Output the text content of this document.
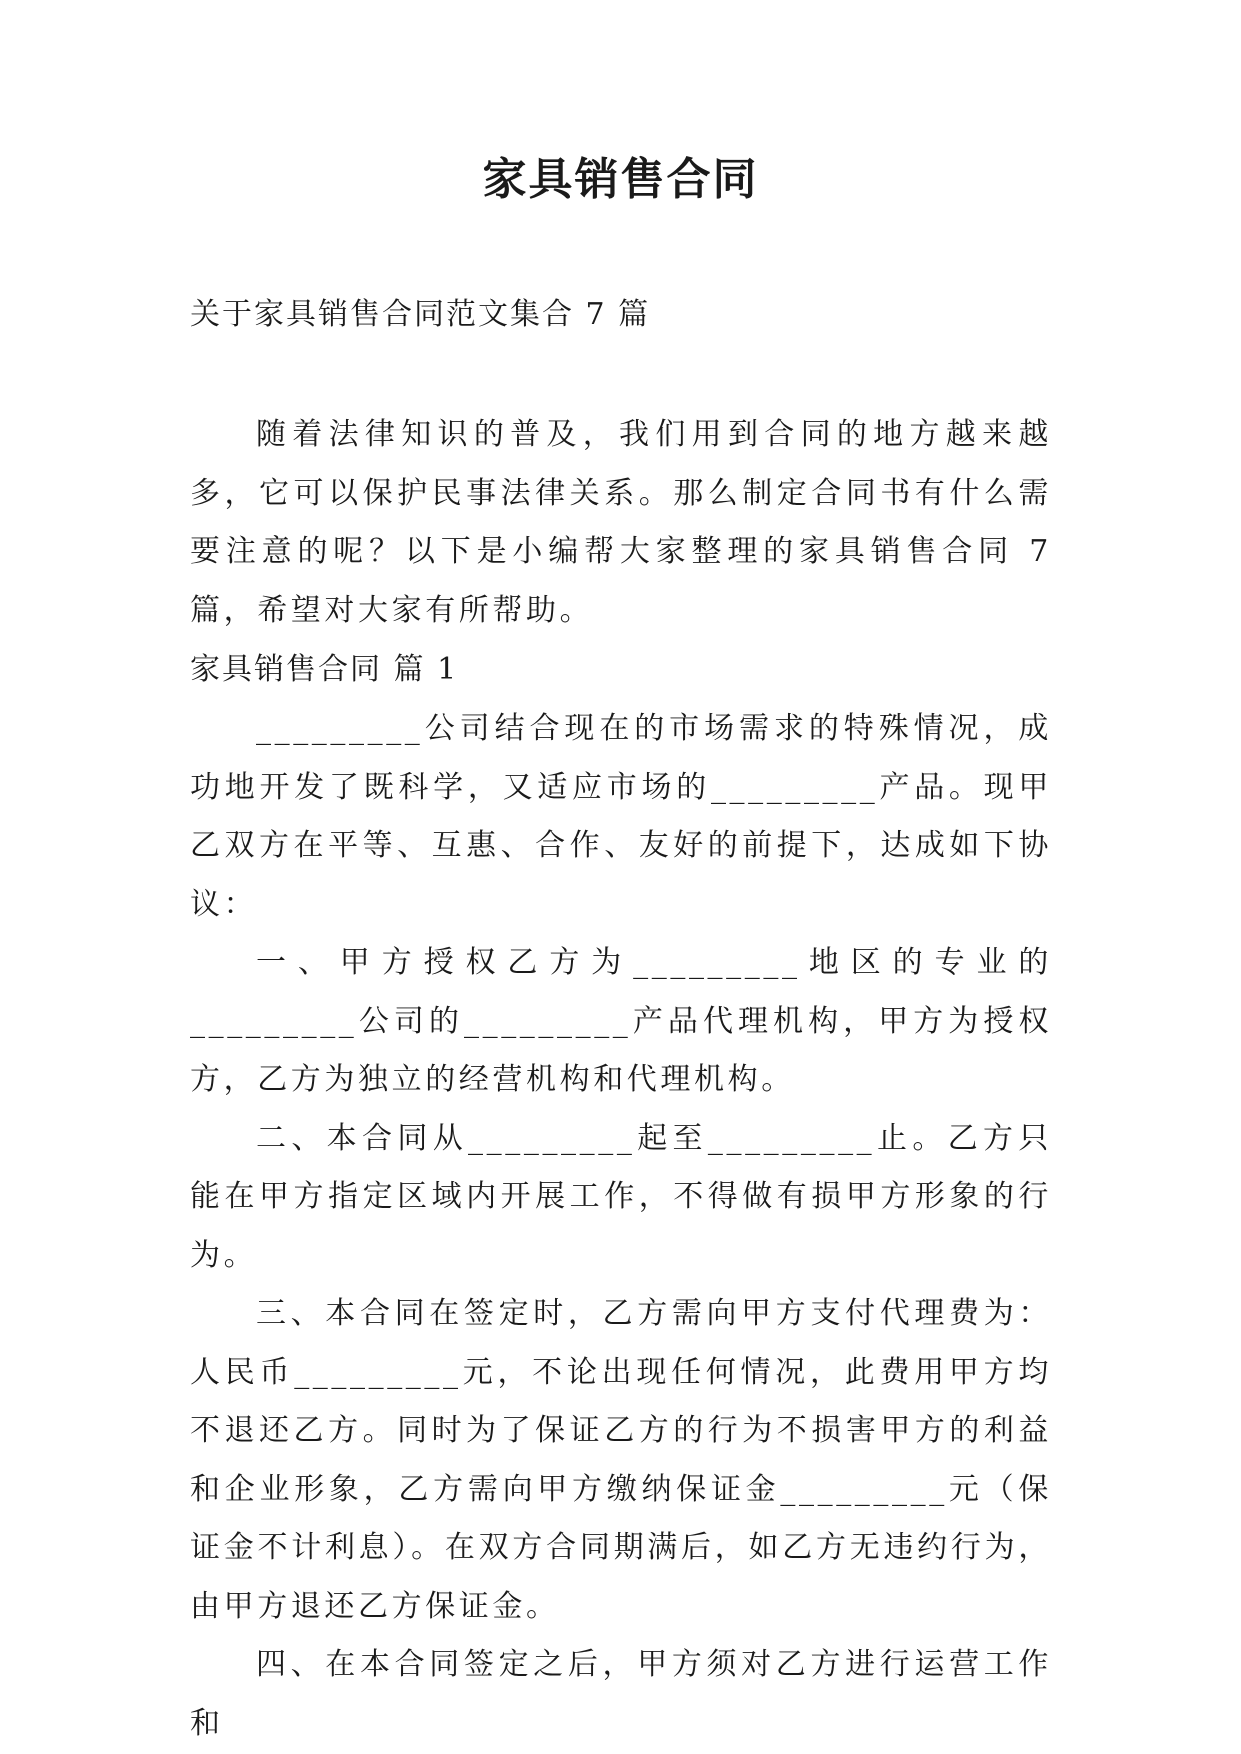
家具销售合同
关于家具销售合同范文集合 7 篇

随着法律知识的普及，我们用到合同的地方越来越多，它可以保护民事法律关系。那么制定合同书有什么需要注意的呢？以下是小编帮大家整理的家具销售合同 7 篇，希望对大家有所帮助。

家具销售合同 篇 1

_________公司结合现在的市场需求的特殊情况，成功地开发了既科学，又适应市场的_________产品。现甲乙双方在平等、互惠、合作、友好的前提下，达成如下协议：

一、甲方授权乙方为_________地区的专业的_________公司的_________产品代理机构，甲方为授权方，乙方为独立的经营机构和代理机构。

二、本合同从_________起至_________止。乙方只能在甲方指定区域内开展工作，不得做有损甲方形象的行为。

三、本合同在签定时，乙方需向甲方支付代理费为：人民币_________元，不论出现任何情况，此费用甲方均不退还乙方。同时为了保证乙方的行为不损害甲方的利益和企业形象，乙方需向甲方缴纳保证金_________元（保证金不计利息）。在双方合同期满后，如乙方无违约行为，由甲方退还乙方保证金。

四、在本合同签定之后，甲方须对乙方进行运营工作和
